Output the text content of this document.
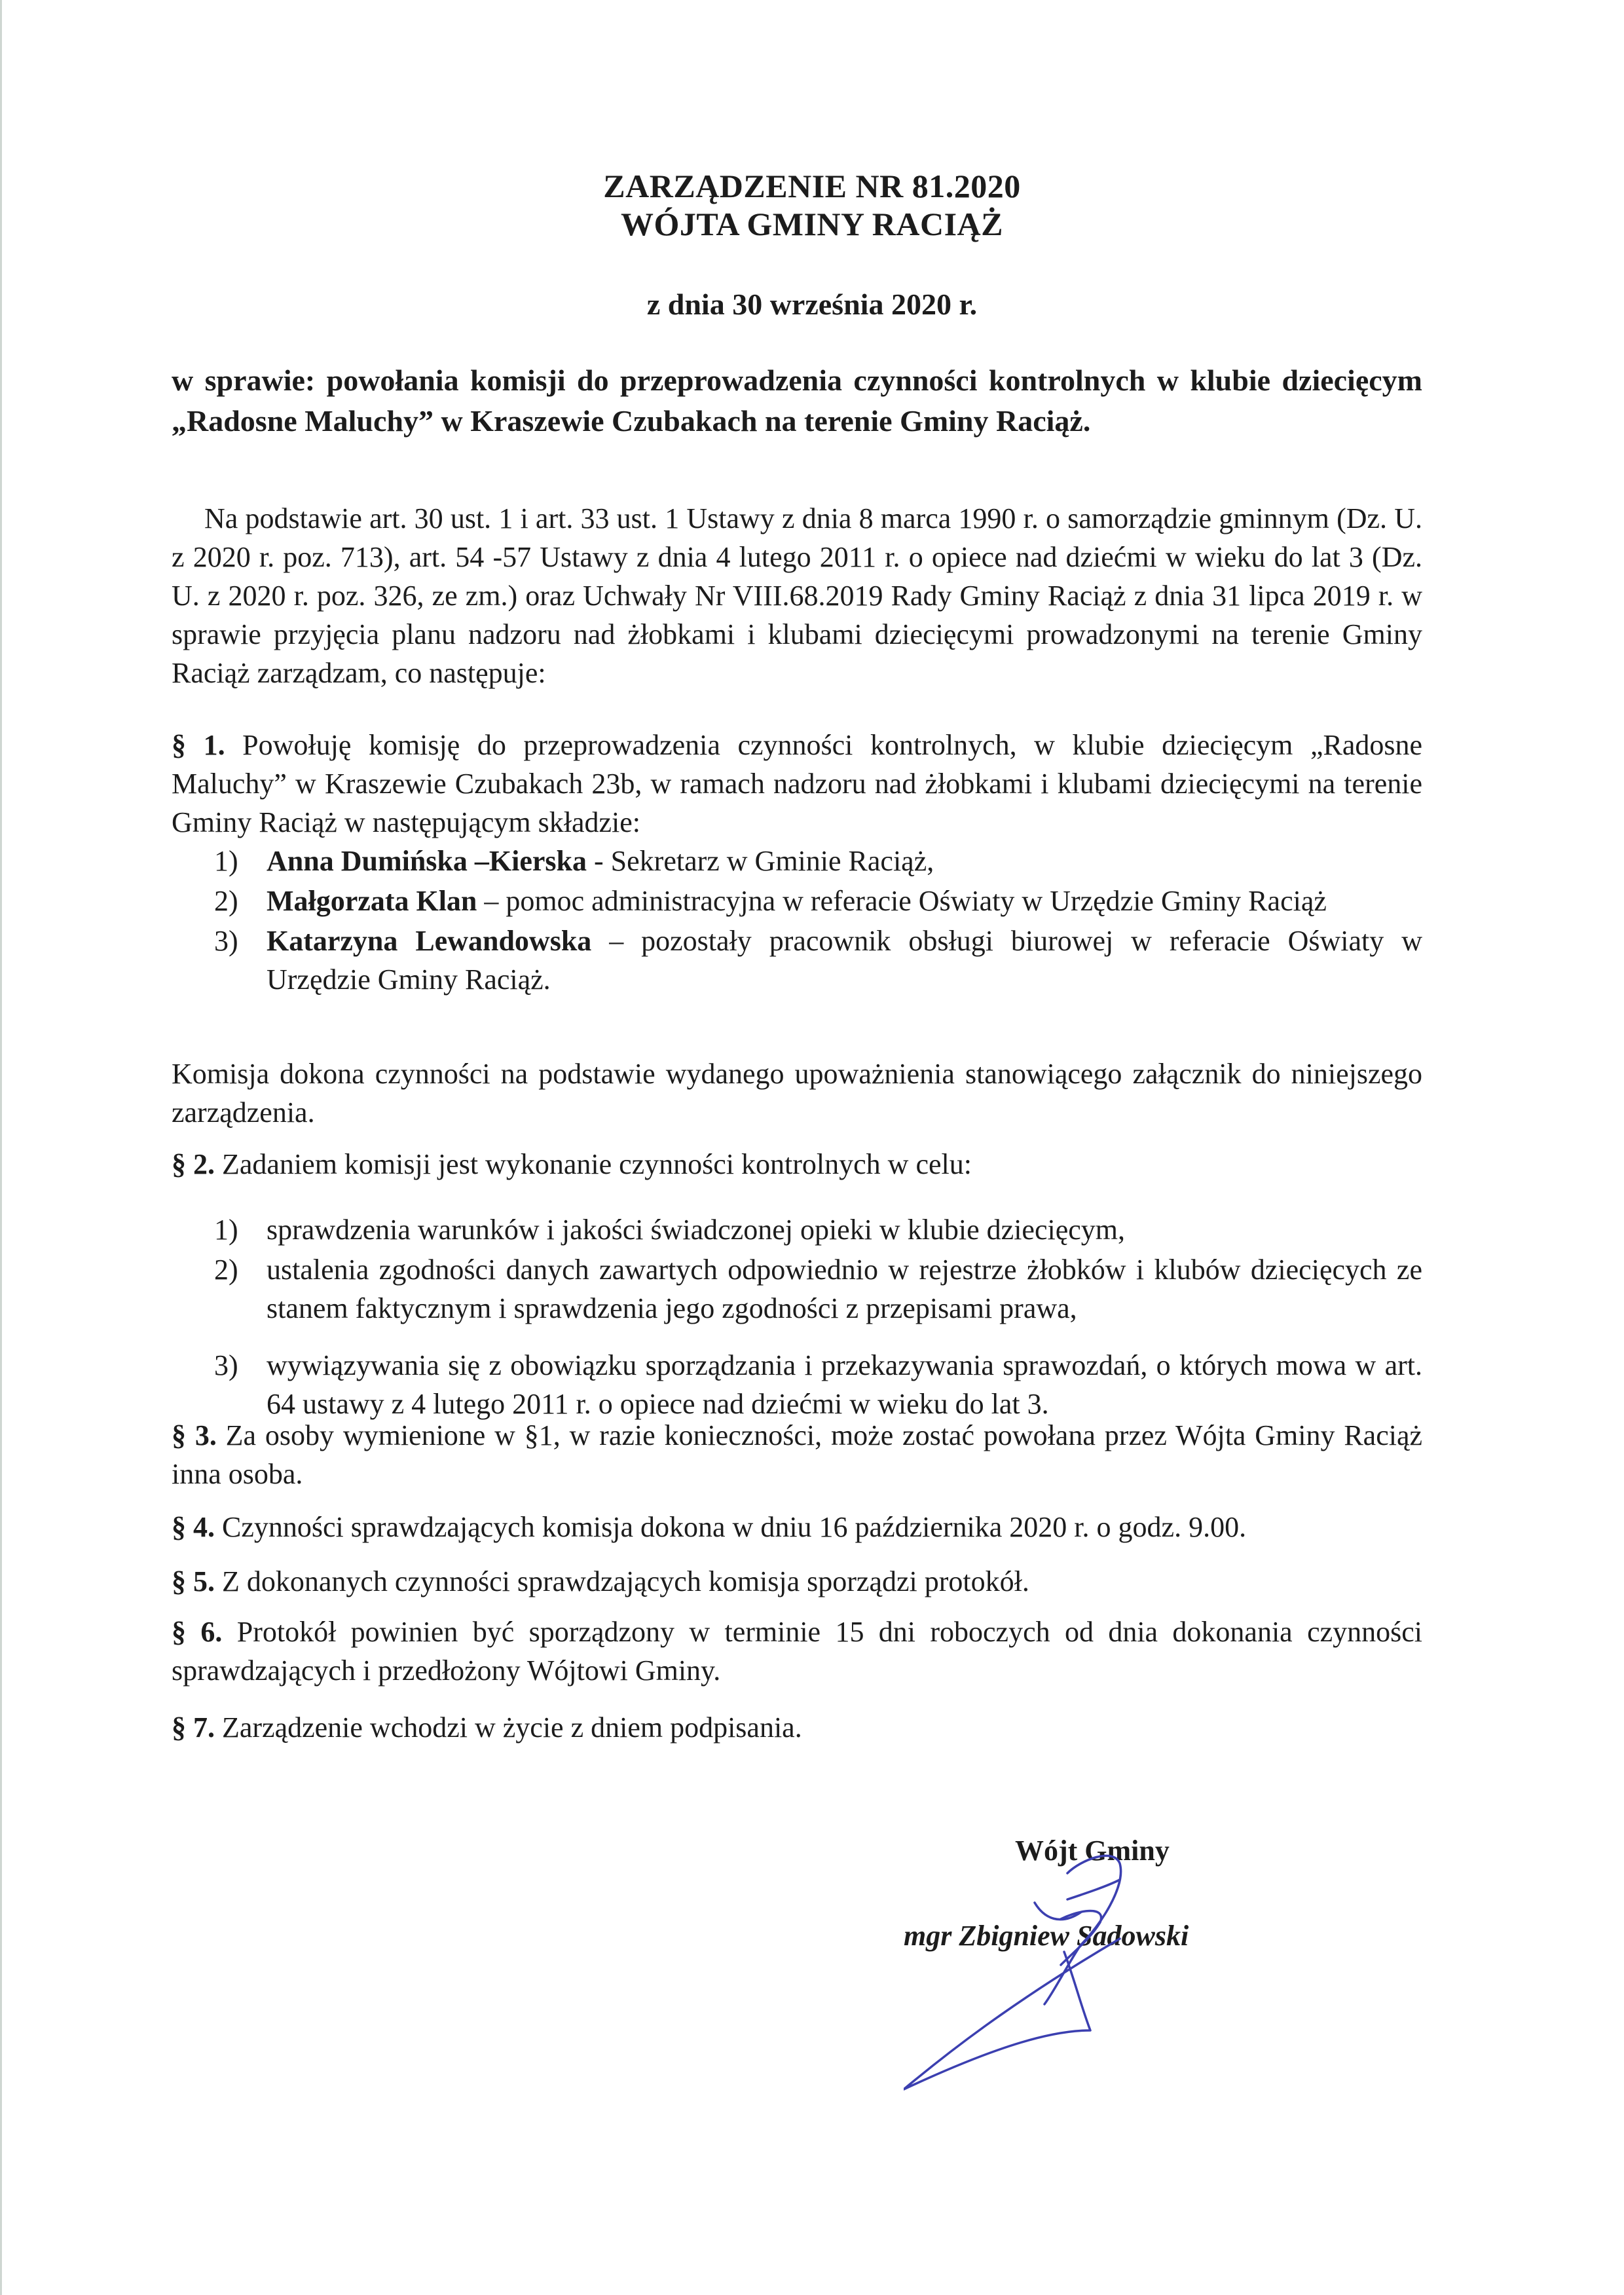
ZARZĄDZENIE NR 81.2020
WÓJTA GMINY RACIĄŻ
z dnia 30 września 2020 r.
w sprawie: powołania komisji do przeprowadzenia czynności kontrolnych w klubie dziecięcym „Radosne Maluchy” w Kraszewie Czubakach na terenie Gminy Raciąż.
Na podstawie art. 30 ust. 1 i art. 33 ust. 1 Ustawy z dnia 8 marca 1990 r. o samorządzie gminnym (Dz. U. z 2020 r. poz. 713), art. 54 -57 Ustawy z dnia 4 lutego 2011 r. o opiece nad dziećmi w wieku do lat 3 (Dz. U. z 2020 r. poz. 326, ze zm.) oraz Uchwały Nr VIII.68.2019 Rady Gminy Raciąż z dnia 31 lipca 2019 r. w sprawie przyjęcia planu nadzoru nad żłobkami i klubami dziecięcymi prowadzonymi na terenie Gminy Raciąż zarządzam, co następuje:
§ 1. Powołuję komisję do przeprowadzenia czynności kontrolnych, w klubie dziecięcym „Radosne Maluchy” w Kraszewie Czubakach 23b, w ramach nadzoru nad żłobkami i klubami dziecięcymi na terenie Gminy Raciąż w następującym składzie:
1) Anna Dumińska –Kierska - Sekretarz w Gminie Raciąż,
2) Małgorzata Klan – pomoc administracyjna w referacie Oświaty w Urzędzie Gminy Raciąż
3) Katarzyna Lewandowska – pozostały pracownik obsługi biurowej w referacie Oświaty w Urzędzie Gminy Raciąż.
Komisja dokona czynności na podstawie wydanego upoważnienia stanowiącego załącznik do niniejszego zarządzenia.
§ 2. Zadaniem komisji jest wykonanie czynności kontrolnych w celu:
1) sprawdzenia warunków i jakości świadczonej opieki w klubie dziecięcym,
2) ustalenia zgodności danych zawartych odpowiednio w rejestrze żłobków i klubów dziecięcych ze stanem faktycznym i sprawdzenia jego zgodności z przepisami prawa,
3) wywiązywania się z obowiązku sporządzania i przekazywania sprawozdań, o których mowa w art. 64 ustawy z 4 lutego 2011 r. o opiece nad dziećmi w wieku do lat 3.
§ 3. Za osoby wymienione w §1, w razie konieczności, może zostać powołana przez Wójta Gminy Raciąż inna osoba.
§ 4. Czynności sprawdzających komisja dokona w dniu 16 października 2020 r. o godz. 9.00.
§ 5. Z dokonanych czynności sprawdzających komisja sporządzi protokół.
§ 6. Protokół powinien być sporządzony w terminie 15 dni roboczych od dnia dokonania czynności sprawdzających i przedłożony Wójtowi Gminy.
§ 7. Zarządzenie wchodzi w życie z dniem podpisania.
Wójt Gminy
mgr Zbigniew Sadowski
